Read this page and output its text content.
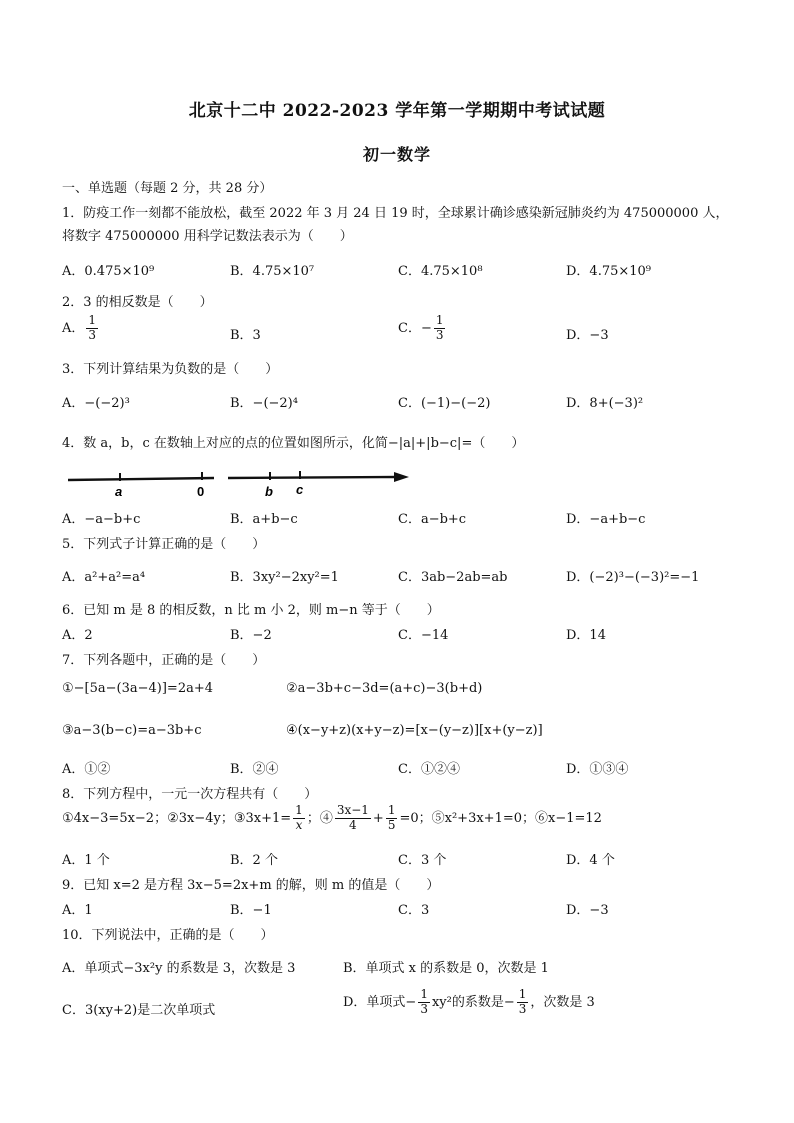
北京十二中 2022-2023 学年第一学期期中考试试题
初一数学
一、单选题（每题 2 分，共 28 分）
1．防疫工作一刻都不能放松，截至 2022 年 3 月 24 日 19 时，全球累计确诊感染新冠肺炎约为 475000000 人，
将数字 475000000 用科学记数法表示为（　　）
A．0.475×10⁹	B．4.75×10⁷	C．4.75×10⁸	D．4.75×10⁹
2．3 的相反数是（　　）
A． $\frac{1}{3}$	B．3	C．− $\frac{1}{3}$	D．−3
3．下列计算结果为负数的是（　　）
A．−(−2)³	B．−(−2)⁴	C．(−1)−(−2)	D．8+(−3)²
4．数 a，b，c 在数轴上对应的点的位置如图所示，化简−|a|+|b−c|=（　　）
a	0	b c
A．−a−b+c	B．a+b−c	C．a−b+c	D．−a+b−c
5．下列式子计算正确的是（　　）
A．a²+a²=a⁴	B．3xy²−2xy²=1	C．3ab−2ab=ab	D．(−2)³−(−3)²=−1
6．已知 m 是 8 的相反数，n 比 m 小 2，则 m−n 等于（　　）
A．2	B．−2	C．−14	D．14
7．下列各题中，正确的是（　　）
①−[5a−(3a−4)]=2a+4	②a−3b+c−3d=(a+c)−3(b+d)
③a−3(b−c)=a−3b+c	④(x−y+z)(x+y−z)=[x−(y−z)][x+(y−z)]
A．①②	B．②④	C．①②④	D．①③④
8．下列方程中，一元一次方程共有（　　）
①4x−3=5x−2；②3x−4y；③3x+1= $\frac{1}{x}$ ；④ $\frac{3x-1}{4} + \frac{1}{5} =0$；⑤x²+3x+1=0；⑥x−1=12
A．1 个	B．2 个	C．3 个	D．4 个
9．已知 x=2 是方程 3x−5=2x+m 的解，则 m 的值是（　　）
A．1	B．−1	C．3	D．−3
10．下列说法中，正确的是（　　）
A．单项式−3x²y 的系数是 3，次数是 3	B．单项式 x 的系数是 0，次数是 1
C．3(xy+2)是二次单项式
D．单项式− $\frac{1}{3} xy^2$的系数是− $\frac{1}{3}$ ，次数是 3
